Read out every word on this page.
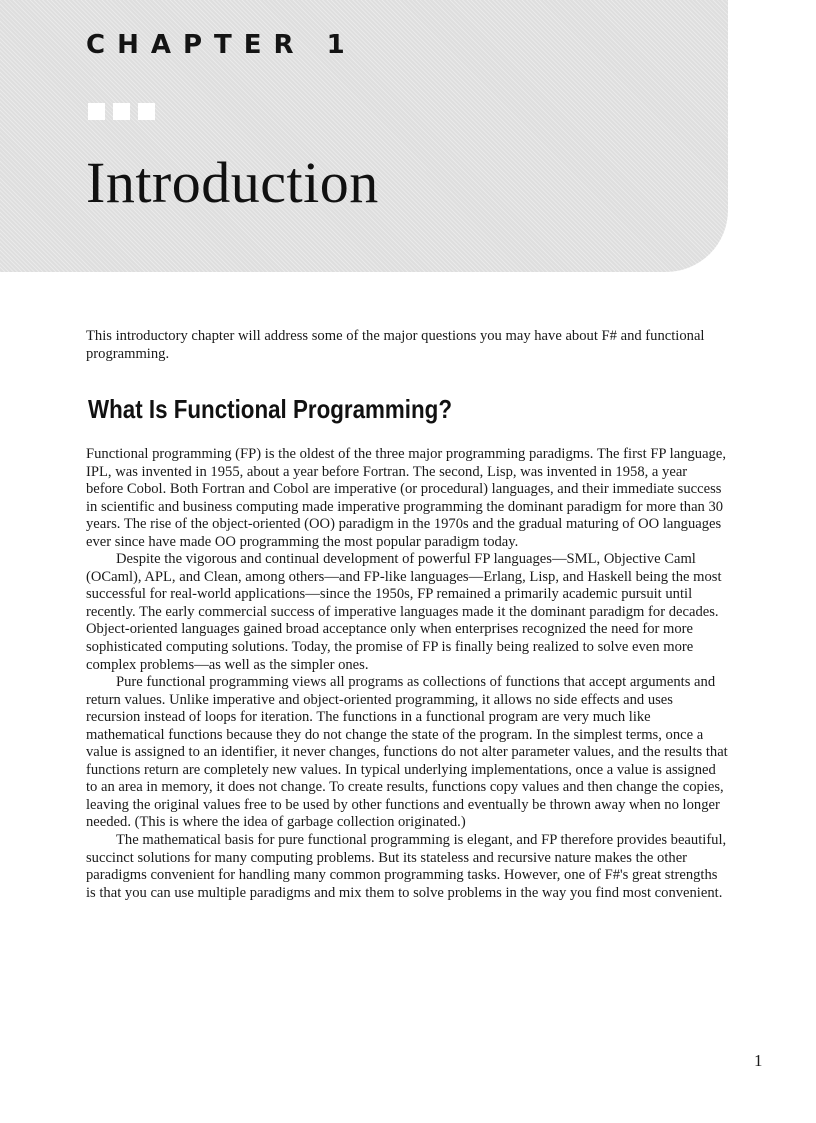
CHAPTER 1
Introduction

This introductory chapter will address some of the major questions you may have about F# and functional programming.

What Is Functional Programming?

Functional programming (FP) is the oldest of the three major programming paradigms. The first FP language, IPL, was invented in 1955, about a year before Fortran. The second, Lisp, was invented in 1958, a year before Cobol. Both Fortran and Cobol are imperative (or procedural) languages, and their immediate success in scientific and business computing made imperative programming the dominant paradigm for more than 30 years. The rise of the object-oriented (OO) paradigm in the 1970s and the gradual maturing of OO languages ever since have made OO programming the most popular paradigm today.

Despite the vigorous and continual development of powerful FP languages—SML, Objective Caml (OCaml), APL, and Clean, among others—and FP-like languages—Erlang, Lisp, and Haskell being the most successful for real-world applications—since the 1950s, FP remained a primarily academic pursuit until recently. The early commercial success of imperative languages made it the dominant paradigm for decades. Object-oriented languages gained broad acceptance only when enterprises recognized the need for more sophisticated computing solutions. Today, the promise of FP is finally being realized to solve even more complex problems—as well as the simpler ones.

Pure functional programming views all programs as collections of functions that accept arguments and return values. Unlike imperative and object-oriented programming, it allows no side effects and uses recursion instead of loops for iteration. The functions in a functional program are very much like mathematical functions because they do not change the state of the program. In the simplest terms, once a value is assigned to an identifier, it never changes, functions do not alter parameter values, and the results that functions return are completely new values. In typical underlying implementations, once a value is assigned to an area in memory, it does not change. To create results, functions copy values and then change the copies, leaving the original values free to be used by other functions and eventually be thrown away when no longer needed. (This is where the idea of garbage collection originated.)

The mathematical basis for pure functional programming is elegant, and FP therefore provides beautiful, succinct solutions for many computing problems. But its stateless and recursive nature makes the other paradigms convenient for handling many common programming tasks. However, one of F#'s great strengths is that you can use multiple paradigms and mix them to solve problems in the way you find most convenient.

1
